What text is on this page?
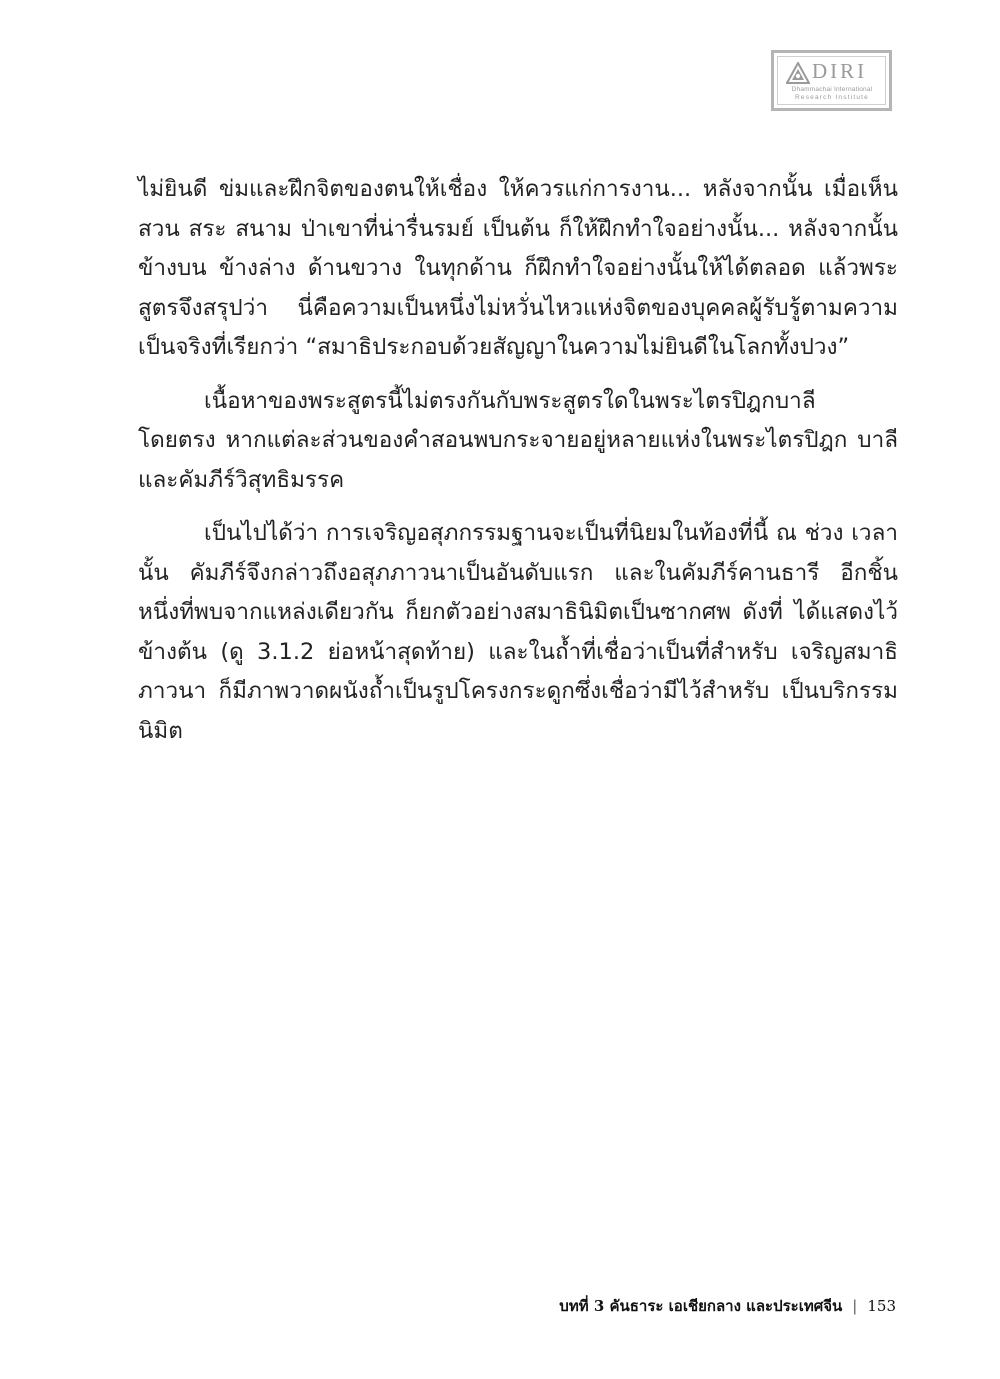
DIRI
Dhammachai International
Research Institute

ไม่ยินดี ข่มและฝึกจิตของตนให้เชื่อง ให้ควรแก่การงาน... หลังจากนั้น เมื่อเห็น สวน สระ สนาม ป่าเขาที่น่ารื่นรมย์ เป็นต้น ก็ให้ฝึกทำใจอย่างนั้น... หลังจากนั้น ข้างบน ข้างล่าง ด้านขวาง ในทุกด้าน ก็ฝึกทำใจอย่างนั้นให้ได้ตลอด แล้วพระ สูตรจึงสรุปว่า นี่คือความเป็นหนึ่งไม่หวั่นไหวแห่งจิตของบุคคลผู้รับรู้ตามความ เป็นจริงที่เรียกว่า “สมาธิประกอบด้วยสัญญาในความไม่ยินดีในโลกทั้งปวง”

เนื้อหาของพระสูตรนี้ไม่ตรงกันกับพระสูตรใดในพระไตรปิฎกบาลี โดยตรง หากแต่ละส่วนของคำสอนพบกระจายอยู่หลายแห่งในพระไตรปิฎก บาลีและคัมภีร์วิสุทธิมรรค

เป็นไปได้ว่า การเจริญอสุภกรรมฐานจะเป็นที่นิยมในท้องที่นี้ ณ ช่วง เวลานั้น คัมภีร์จึงกล่าวถึงอสุภภาวนาเป็นอันดับแรก และในคัมภีร์คานธารี อีกชิ้นหนึ่งที่พบจากแหล่งเดียวกัน ก็ยกตัวอย่างสมาธินิมิตเป็นซากศพ ดังที่ ได้แสดงไว้ข้างต้น (ดู 3.1.2 ย่อหน้าสุดท้าย) และในถ้ำที่เชื่อว่าเป็นที่สำหรับ เจริญสมาธิภาวนา ก็มีภาพวาดผนังถ้ำเป็นรูปโครงกระดูกซึ่งเชื่อว่ามีไว้สำหรับ เป็นบริกรรมนิมิต

บทที่ 3 คันธาระ เอเชียกลาง และประเทศจีน | 153
